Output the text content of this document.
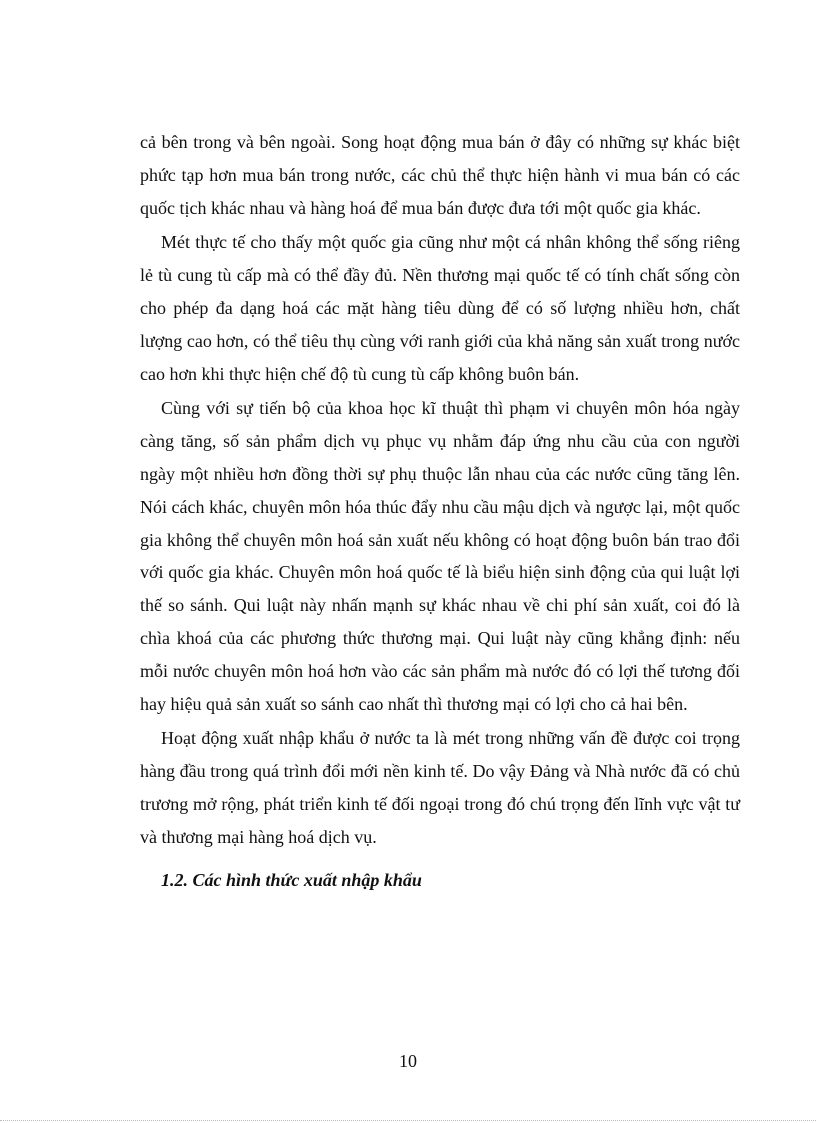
cả bên trong và bên ngoài. Song hoạt động mua bán ở đây có những sự khác biệt phức tạp hơn mua bán trong nước, các chủ thể thực hiện hành vi mua bán có các quốc tịch khác nhau và hàng hoá để mua bán được đưa tới một quốc gia khác.

Mét thực tế cho thấy một quốc gia cũng như một cá nhân không thể sống riêng lẻ tù cung tù cấp mà có thể đầy đủ. Nền thương mại quốc tế có tính chất sống còn cho phép đa dạng hoá các mặt hàng tiêu dùng để có số lượng nhiều hơn, chất lượng cao hơn, có thể tiêu thụ cùng với ranh giới của khả năng sản xuất trong nước cao hơn khi thực hiện chế độ tù cung tù cấp không buôn bán.

Cùng với sự tiến bộ của khoa học kĩ thuật thì phạm vi chuyên môn hóa ngày càng tăng, số sản phẩm dịch vụ phục vụ nhằm đáp ứng nhu cầu của con người ngày một nhiều hơn đồng thời sự phụ thuộc lẫn nhau của các nước cũng tăng lên. Nói cách khác, chuyên môn hóa thúc đẩy nhu cầu mậu dịch và ngược lại, một quốc gia không thể chuyên môn hoá sản xuất nếu không có hoạt động buôn bán trao đổi với quốc gia khác. Chuyên môn hoá quốc tế là biểu hiện sinh động của qui luật lợi thế so sánh. Qui luật này nhấn mạnh sự khác nhau về chi phí sản xuất, coi đó là chìa khoá của các phương thức thương mại. Qui luật này cũng khẳng định: nếu mỗi nước chuyên môn hoá hơn vào các sản phẩm mà nước đó có lợi thế tương đối hay hiệu quả sản xuất so sánh cao nhất thì thương mại có lợi cho cả hai bên.

Hoạt động xuất nhập khẩu ở nước ta là mét trong những vấn đề được coi trọng hàng đầu trong quá trình đổi mới nền kinh tế. Do vậy Đảng và Nhà nước đã có chủ trương mở rộng, phát triển kinh tế đối ngoại trong đó chú trọng đến lĩnh vực vật tư và thương mại hàng hoá dịch vụ.

1.2. Các hình thức xuất nhập khẩu

10
